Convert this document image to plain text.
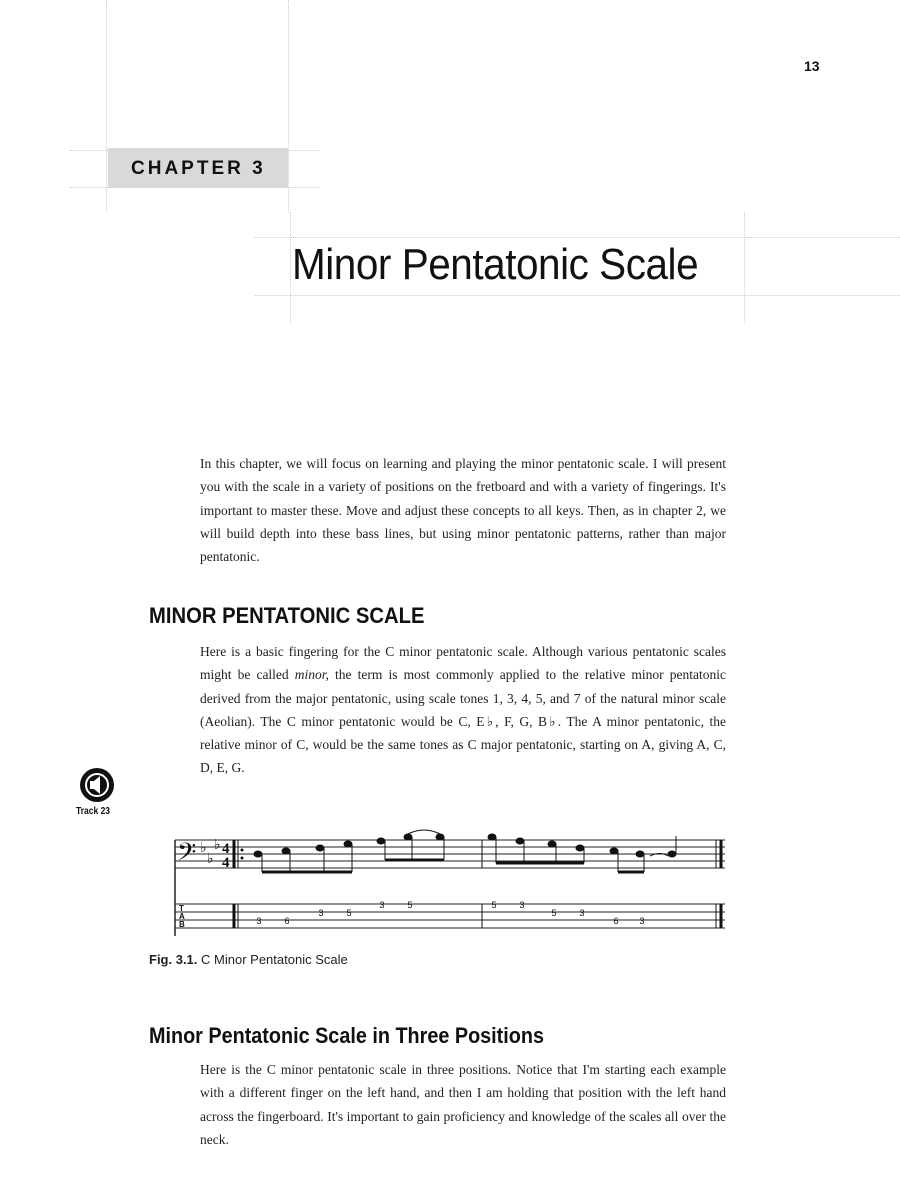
13
CHAPTER 3
Minor Pentatonic Scale
In this chapter, we will focus on learning and playing the minor pentatonic scale. I will present you with the scale in a variety of positions on the fretboard and with a variety of fingerings. It's important to master these. Move and adjust these concepts to all keys. Then, as in chapter 2, we will build depth into these bass lines, but using minor pentatonic patterns, rather than major pentatonic.
MINOR PENTATONIC SCALE
Here is a basic fingering for the C minor pentatonic scale. Although various pentatonic scales might be called minor, the term is most commonly applied to the relative minor pentatonic derived from the major pentatonic, using scale tones 1, 3, 4, 5, and 7 of the natural minor scale (Aeolian). The C minor pentatonic would be C, E♭, F, G, B♭. The A minor pentatonic, the relative minor of C, would be the same tones as C major pentatonic, starting on A, giving A, C, D, E, G.
Track 23
𝄢 ♭
♭
♭ 4
4
T
A
B	3	6
3	5
3	5	5	3
5	3
6 3
Fig. 3.1. C Minor Pentatonic Scale
Minor Pentatonic Scale in Three Positions
Here is the C minor pentatonic scale in three positions. Notice that I'm starting each example with a different finger on the left hand, and then I am holding that position with the left hand across the fingerboard. It's important to gain proficiency and knowledge of the scales all over the neck.
